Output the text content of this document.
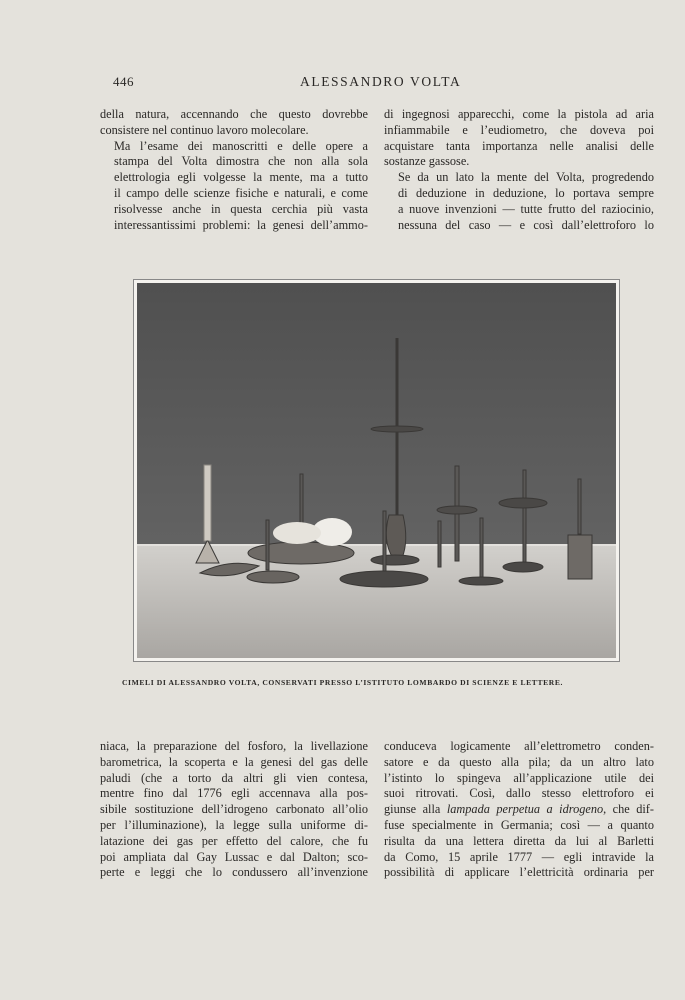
446	ALESSANDRO VOLTA

della natura, accennando che questo dovrebbe
consistere nel continuo lavoro molecolare.

Ma l’esame dei manoscritti e delle opere a
stampa del Volta dimostra che non alla sola
elettrologia egli volgesse la mente, ma a tutto
il campo delle scienze fisiche e naturali, e come
risolvesse anche in questa cerchia più vasta
interessantissimi problemi: la genesi dell’ammo-

di ingegnosi apparecchi, come la pistola ad aria
infiammabile e l’eudiometro, che doveva poi
acquistare tanta importanza nelle analisi delle
sostanze gassose.

Se da un lato la mente del Volta, progredendo
di deduzione in deduzione, lo portava sempre
a nuove invenzioni — tutte frutto del raziocinio,
nessuna del caso — e così dall’elettroforo lo

CIMELI DI ALESSANDRO VOLTA, CONSERVATI PRESSO L’ISTITUTO LOMBARDO DI SCIENZE E LETTERE.
niaca, la preparazione del fosforo, la livellazione
barometrica, la scoperta e la genesi del gas delle
paludi (che a torto da altri gli vien contesa,
mentre fino dal 1776 egli accennava alla pos-
sibile sostituzione dell’idrogeno carbonato all’olio
per l’illuminazione), la legge sulla uniforme di-
latazione dei gas per effetto del calore, che fu
poi ampliata dal Gay Lussac e dal Dalton; sco-
perte e leggi che lo condussero all’invenzione
conduceva logicamente all’elettrometro conden-
satore e da questo alla pila; da un altro lato
l’istinto lo spingeva all’applicazione utile dei
suoi ritrovati. Così, dallo stesso elettroforo ei
giunse alla lampada perpetua a idrogeno, che dif-
fuse specialmente in Germania; così — a quanto
risulta da una lettera diretta da lui al Barletti
da Como, 15 aprile 1777 — egli intravide la
possibilità di applicare l’elettricità ordinaria per
